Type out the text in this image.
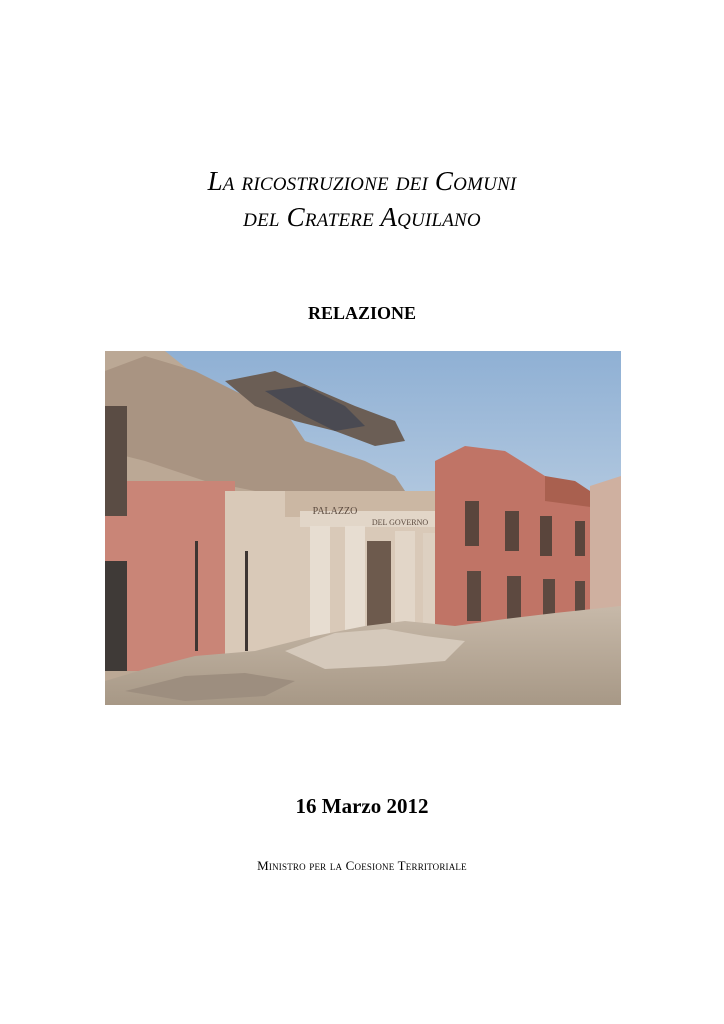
La ricostruzione dei Comuni
del Cratere Aquilano
RELAZIONE
PALAZZO
DEL GOVERNO
16 Marzo 2012
Ministro per la Coesione Territoriale
